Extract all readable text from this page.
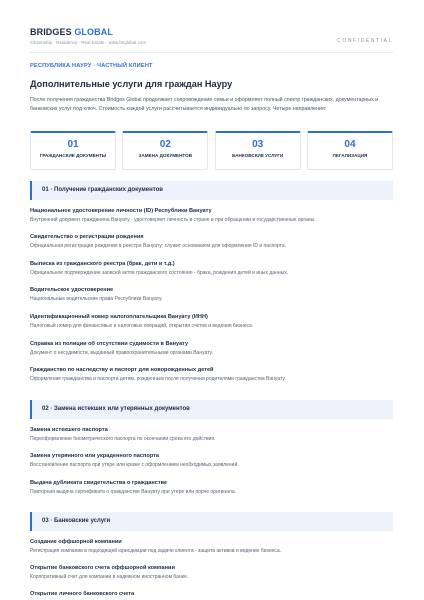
BRIDGES GLOBAL
Citizenship · Residency · Real Estate · www.bnglobal.com	CONFIDENTIAL
РЕСПУБЛИКА НАУРУ · ЧАСТНЫЙ КЛИЕНТ
Дополнительные услуги для граждан Науру
После получения гражданства Bridges Global продолжает сопровождение семьи и оформляет полный спектр гражданских, документарных и банковских услуг под ключ. Стоимость каждой услуги рассчитывается индивидуально по запросу. Четыре направления:
01
ГРАЖДАНСКИЕ ДОКУМЕНТЫ
02
ЗАМЕНА ДОКУМЕНТОВ
03
БАНКОВСКИЕ УСЛУГИ
04
ЛЕГАЛИЗАЦИЯ
01 · Получение гражданских документов
Национальное удостоверение личности (ID) Республики Вануату
Внутренний документ гражданина Вануату - удостоверяет личность в стране и при обращении в государственные органы.
Свидетельство о регистрации рождения
Официальная регистрация рождения в реестре Вануату; служит основанием для оформления ID и паспорта.
Выписка из гражданского реестра (брак, дети и т.д.)
Официальное подтверждение записей актов гражданского состояния - брака, рождения детей и иных данных.
Водительское удостоверение
Национальные водительские права Республики Вануату.
Идентификационный номер налогоплательщика Вануату (ИНН)
Налоговый номер для финансовых и налоговых операций, открытия счетов и ведения бизнеса.
Справка из полиции об отсутствии судимости в Вануату
Документ о несудимости, выданный правоохранительными органами Вануату.
Гражданство по наследству и паспорт для новорожденных детей
Оформление гражданства и паспорта детям, рожденным после получения родителями гражданства Вануату.
02 · Замена истекших или утерянных документов
Замена истекшего паспорта
Переоформление биометрического паспорта по окончании срока его действия.
Замена утерянного или украденного паспорта
Восстановление паспорта при утере или краже с оформлением необходимых заявлений.
Выдача дубликата свидетельства о гражданстве
Повторная выдача сертификата о гражданстве Вануату при утере или порче оригинала.
03 · Банковские услуги
Создание оффшорной компании
Регистрация компании в подходящей юрисдикции под задачи клиента - защита активов и ведение бизнеса.
Открытие банковского счета оффшорной компании
Корпоративный счет для компании в надежном иностранном банке.
Открытие личного банковского счета
